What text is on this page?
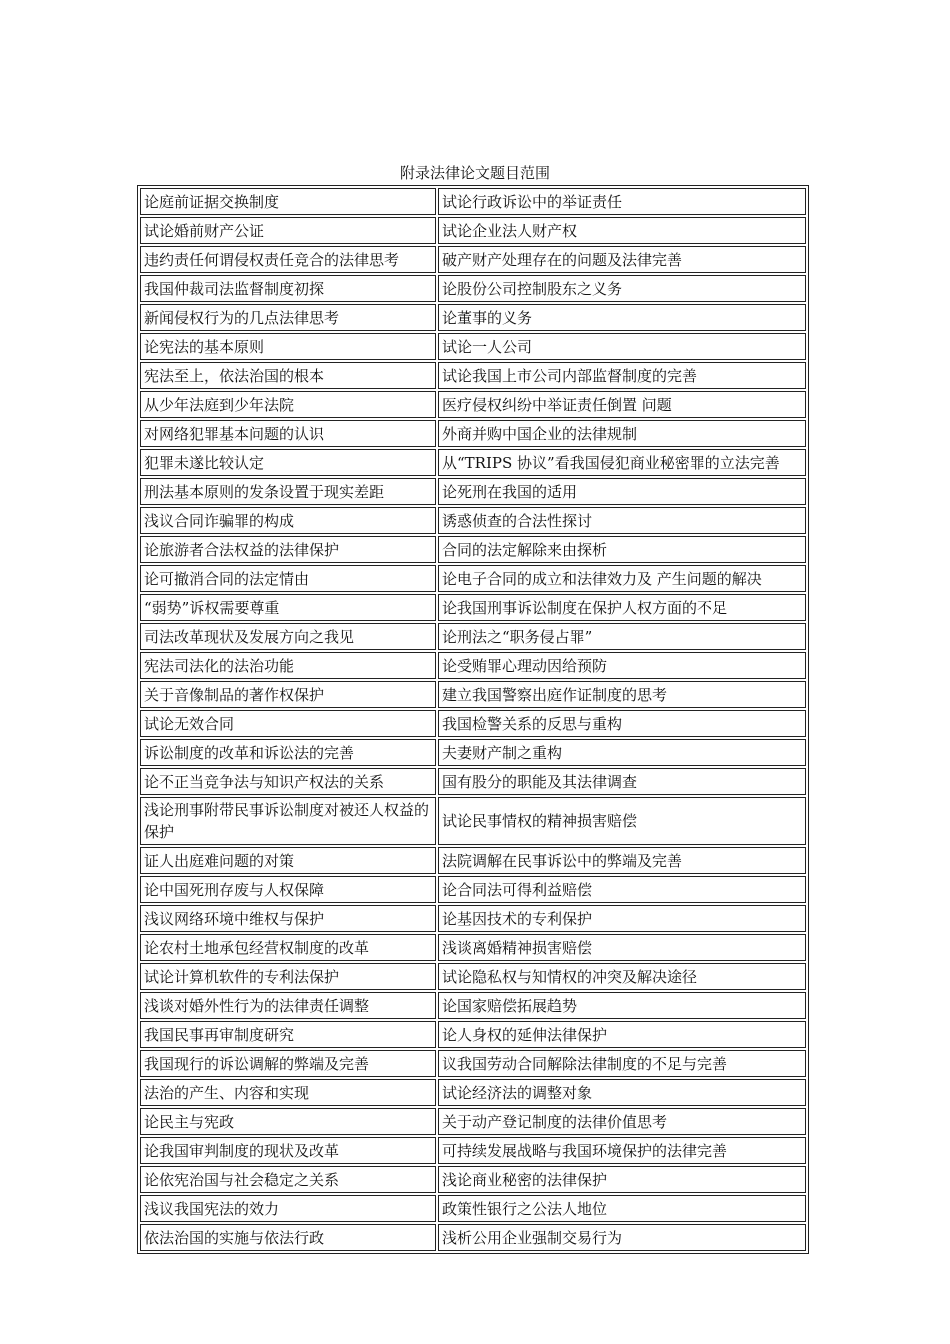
附录法律论文题目范围
论庭前证据交换制度	试论行政诉讼中的举证责任
试论婚前财产公证	试论企业法人财产权
违约责任何谓侵权责任竞合的法律思考	破产财产处理存在的问题及法律完善
我国仲裁司法监督制度初探	论股份公司控制股东之义务
新闻侵权行为的几点法律思考	论董事的义务
论宪法的基本原则	试论一人公司
宪法至上，依法治国的根本	试论我国上市公司内部监督制度的完善
从少年法庭到少年法院	医疗侵权纠纷中举证责任倒置 问题
对网络犯罪基本问题的认识	外商并购中国企业的法律规制
犯罪未遂比较认定	从“TRIPS 协议”看我国侵犯商业秘密罪的立法完善
刑法基本原则的发条设置于现实差距	论死刑在我国的适用
浅议合同诈骗罪的构成	诱惑侦查的合法性探讨
论旅游者合法权益的法律保护	合同的法定解除来由探析
论可撤消合同的法定情由	论电子合同的成立和法律效力及 产生问题的解决
“弱势”诉权需要尊重	论我国刑事诉讼制度在保护人权方面的不足
司法改革现状及发展方向之我见	论刑法之“职务侵占罪”
宪法司法化的法治功能	论受贿罪心理动因给预防
关于音像制品的著作权保护	建立我国警察出庭作证制度的思考
试论无效合同	我国检警关系的反思与重构
诉讼制度的改革和诉讼法的完善	夫妻财产制之重构
论不正当竞争法与知识产权法的关系	国有股分的职能及其法律调查
浅论刑事附带民事诉讼制度对被还人权益的保护	试论民事情权的精神损害赔偿
证人出庭难问题的对策	法院调解在民事诉讼中的弊端及完善
论中国死刑存废与人权保障	论合同法可得利益赔偿
浅议网络环境中维权与保护	论基因技术的专利保护
论农村土地承包经营权制度的改革	浅谈离婚精神损害赔偿
试论计算机软件的专利法保护	试论隐私权与知情权的冲突及解决途径
浅谈对婚外性行为的法律责任调整	论国家赔偿拓展趋势
我国民事再审制度研究	论人身权的延伸法律保护
我国现行的诉讼调解的弊端及完善	议我国劳动合同解除法律制度的不足与完善
法治的产生、内容和实现	试论经济法的调整对象
论民主与宪政	关于动产登记制度的法律价值思考
论我国审判制度的现状及改革	可持续发展战略与我国环境保护的法律完善
论依宪治国与社会稳定之关系	浅论商业秘密的法律保护
浅议我国宪法的效力	政策性银行之公法人地位
依法治国的实施与依法行政	浅析公用企业强制交易行为
